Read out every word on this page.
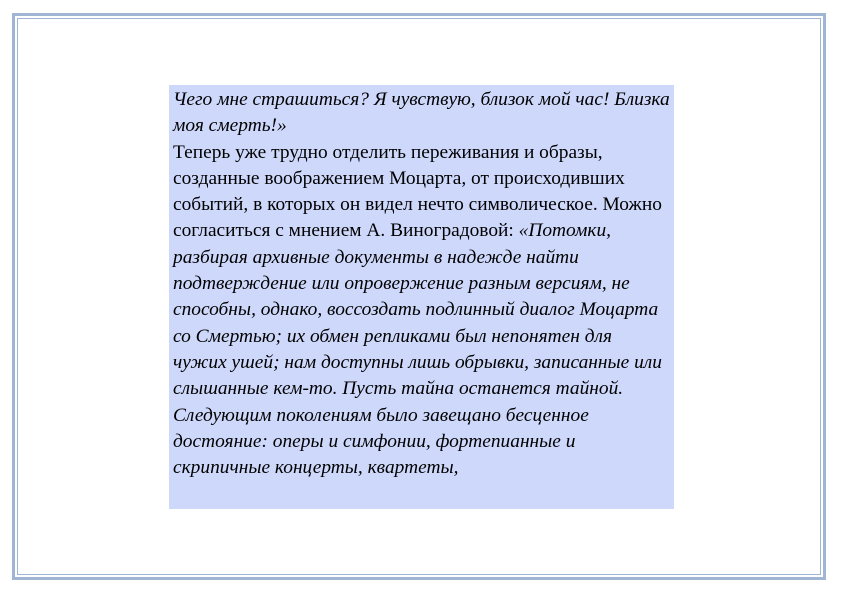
Чего мне страшиться? Я чувствую, близок мой час! Близка моя смерть!»
Теперь уже трудно отделить переживания и образы, созданные воображением Моцарта, от происходивших событий, в которых он видел нечто символическое. Можно согласиться с мнением А. Виноградовой: «Потомки, разбирая архивные документы в надежде найти подтверждение или опровержение разным версиям, не способны, однако, воссоздать подлинный диалог Моцарта со Смертью; их обмен репликами был непонятен для чужих ушей; нам доступны лишь обрывки, записанные или слышанные кем-то. Пусть тайна останется тайной. Следующим поколениям было завещано бесценное достояние: оперы и симфонии, фортепианные и скрипичные концерты, квартеты,
